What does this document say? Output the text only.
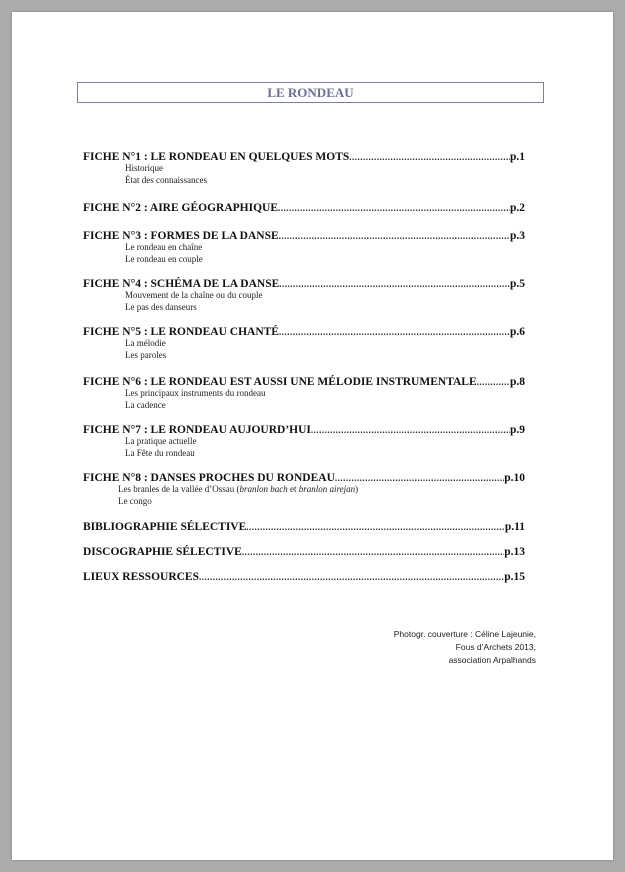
LE RONDEAU
FICHE N°1 : LE RONDEAU EN QUELQUES MOTS .....	p.1
Historique
État des connaissances
FICHE N°2 : AIRE GÉOGRAPHIQUE .....	p.2
FICHE N°3 : FORMES DE LA DANSE .....	p.3
Le rondeau en chaîne
Le rondeau en couple
FICHE N°4 : SCHÉMA DE LA DANSE .....	p.5
Mouvement de la chaîne ou du couple
Le pas des danseurs
FICHE N°5 : LE RONDEAU CHANTÉ .....	p.6
La mélodie
Les paroles
FICHE N°6 : LE RONDEAU EST AUSSI UNE MÉLODIE INSTRUMENTALE .....	p.8
Les principaux instruments du rondeau
La cadence
FICHE N°7 : LE RONDEAU AUJOURD’HUI .....	p.9
La pratique actuelle
La Fête du rondeau
FICHE N°8 : DANSES PROCHES DU RONDEAU .....	p.10
Les branles de la vallée d’Ossau (branlon bach et branlon airejan)
Le congo
BIBLIOGRAPHIE SÉLECTIVE .....	p.11
DISCOGRAPHIE SÉLECTIVE .....	p.13
LIEUX RESSOURCES .....	p.15
Photogr. couverture : Céline Lajeunie,
Fous d’Archets 2013,
association Arpalhands
